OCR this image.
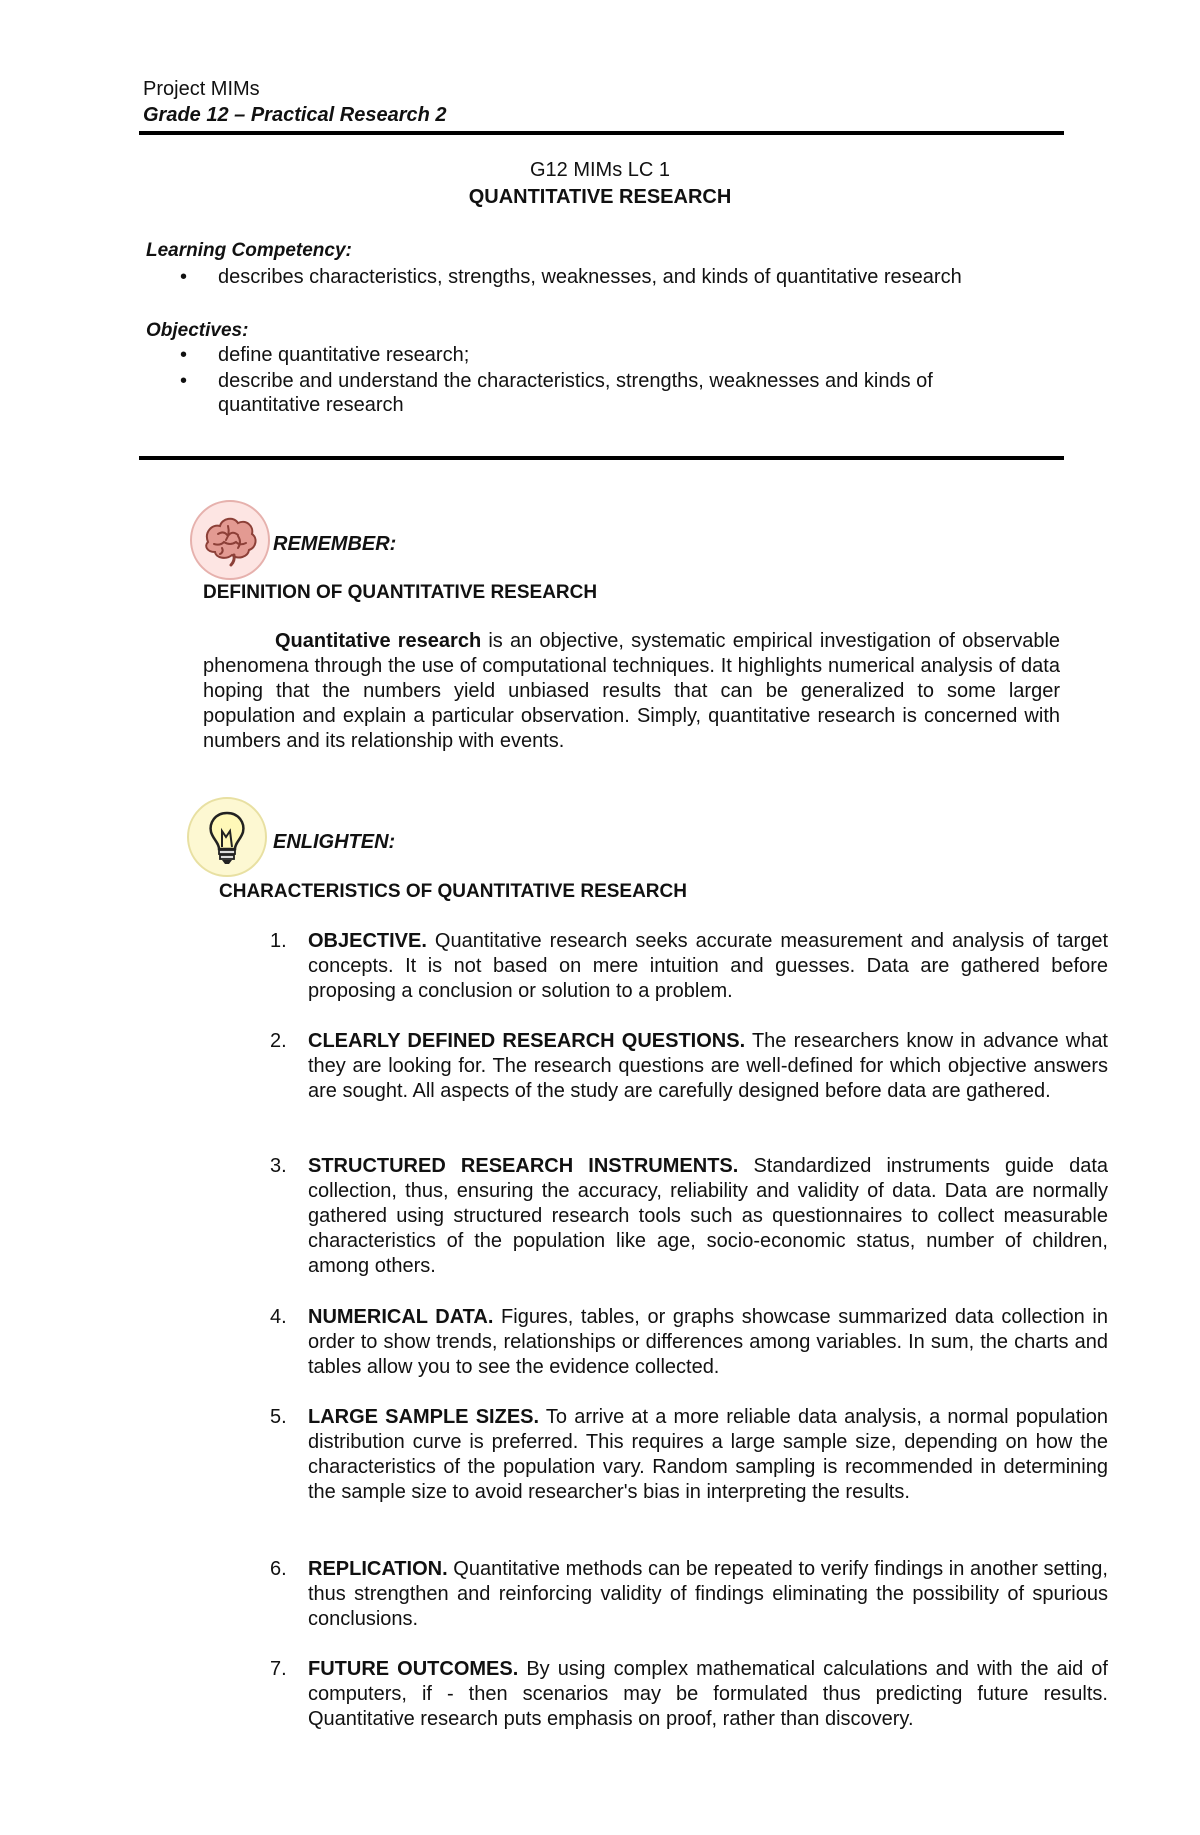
Project MIMs
Grade 12 – Practical Research 2
G12 MIMs LC 1
QUANTITATIVE RESEARCH
Learning Competency:
• describes characteristics, strengths, weaknesses, and kinds of quantitative research
Objectives:
• define quantitative research;
• describe and understand the characteristics, strengths, weaknesses and kinds of quantitative research
REMEMBER:
DEFINITION OF QUANTITATIVE RESEARCH
Quantitative research is an objective, systematic empirical investigation of observable phenomena through the use of computational techniques. It highlights numerical analysis of data hoping that the numbers yield unbiased results that can be generalized to some larger population and explain a particular observation. Simply, quantitative research is concerned with numbers and its relationship with events.
ENLIGHTEN:
CHARACTERISTICS OF QUANTITATIVE RESEARCH
1. OBJECTIVE. Quantitative research seeks accurate measurement and analysis of target concepts. It is not based on mere intuition and guesses. Data are gathered before proposing a conclusion or solution to a problem.
2. CLEARLY DEFINED RESEARCH QUESTIONS. The researchers know in advance what they are looking for. The research questions are well-defined for which objective answers are sought. All aspects of the study are carefully designed before data are gathered.
3. STRUCTURED RESEARCH INSTRUMENTS. Standardized instruments guide data collection, thus, ensuring the accuracy, reliability and validity of data. Data are normally gathered using structured research tools such as questionnaires to collect measurable characteristics of the population like age, socio-economic status, number of children, among others.
4. NUMERICAL DATA. Figures, tables, or graphs showcase summarized data collection in order to show trends, relationships or differences among variables. In sum, the charts and tables allow you to see the evidence collected.
5. LARGE SAMPLE SIZES. To arrive at a more reliable data analysis, a normal population distribution curve is preferred. This requires a large sample size, depending on how the characteristics of the population vary. Random sampling is recommended in determining the sample size to avoid researcher's bias in interpreting the results.
6. REPLICATION. Quantitative methods can be repeated to verify findings in another setting, thus strengthen and reinforcing validity of findings eliminating the possibility of spurious conclusions.
7. FUTURE OUTCOMES. By using complex mathematical calculations and with the aid of computers, if - then scenarios may be formulated thus predicting future results. Quantitative research puts emphasis on proof, rather than discovery.
